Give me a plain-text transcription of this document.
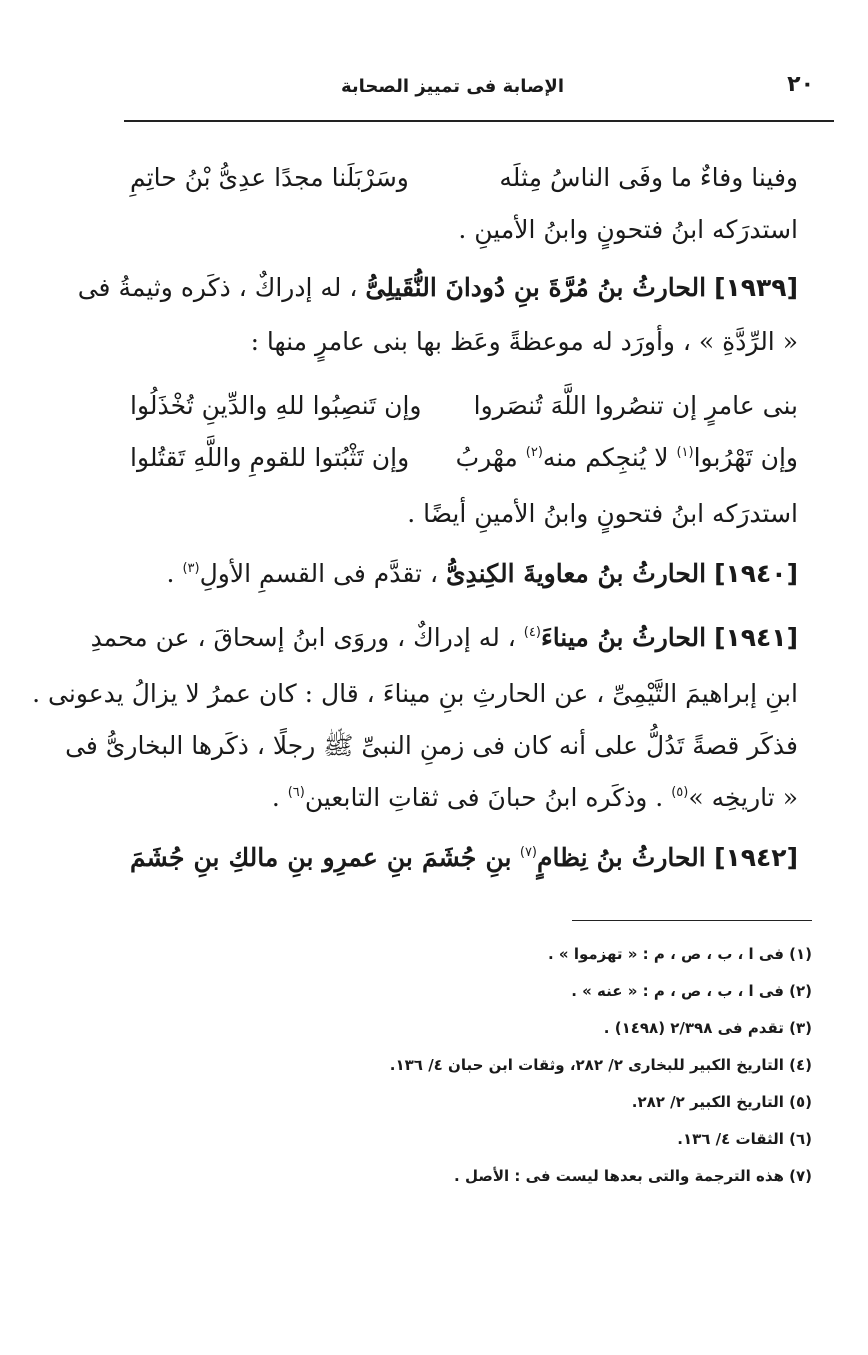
٢٠
الإصابة فى تمييز الصحابة
وفينا وفاءٌ ما وفَى الناسُ مِثلَه
وسَرْبَلَنا مجدًا عدِىُّ بْنُ حاتِمِ
استدرَكه ابنُ فتحونٍ وابنُ الأمينِ .
[١٩٣٩] الحارثُ بنُ مُرَّةَ بنِ دُودانَ النُّقَيلِىُّ ، له إدراكٌ ، ذكَره وثيمةُ فى
« الرِّدَّةِ » ، وأورَد له موعظةً وعَظ بها بنى عامرٍ منها :
بنى عامرٍ إن تنصُروا اللَّهَ تُنصَروا
وإن تَنصِبُوا للهِ والدِّينِ تُخْذَلُوا
وإن تَهْرُبوا$^{(١)}$ لا يُنجِكم منه$^{(٢)}$ مهْربُ
وإن تَثْبُتوا للقومِ واللَّهِ تَقتُلوا
استدرَكه ابنُ فتحونٍ وابنُ الأمينِ أيضًا .
[١٩٤٠] الحارثُ بنُ معاويةَ الكِندِىُّ ، تقدَّم فى القسمِ الأولِ$^{(٣)}$ .
[١٩٤١] الحارثُ بنُ ميناءَ$^{(٤)}$ ، له إدراكٌ ، وروَى ابنُ إسحاقَ ، عن محمدِ
ابنِ إبراهيمَ التَّيْمِىِّ ، عن الحارثِ بنِ ميناءَ ، قال : كان عمرُ لا يزالُ يدعونى .
فذكَر قصةً تَدُلُّ على أنه كان فى زمنِ النبىِّ ﷺ رجلًا ، ذكَرها البخارىُّ فى
« تاريخِه »$^{(٥)}$ . وذكَره ابنُ حبانَ فى ثقاتِ التابعين$^{(٦)}$ .
[١٩٤٢] الحارثُ بنُ نِظامٍ$^{(٧)}$ بنِ جُشَمَ بنِ عمرِو بنِ مالكِ بنِ جُشَمَ
(١) فى ا ، ب ، ص ، م : « تهزموا » .
(٢) فى ا ، ب ، ص ، م : « عنه » .
(٣) تقدم فى ٢/٣٩٨ (١٤٩٨) .
(٤) التاريخ الكبير للبخارى ٢/ ٢٨٢، وثقات ابن حبان ٤/ ١٣٦.
(٥) التاريخ الكبير ٢/ ٢٨٢.
(٦) الثقات ٤/ ١٣٦.
(٧) هذه الترجمة والتى بعدها ليست فى : الأصل .
